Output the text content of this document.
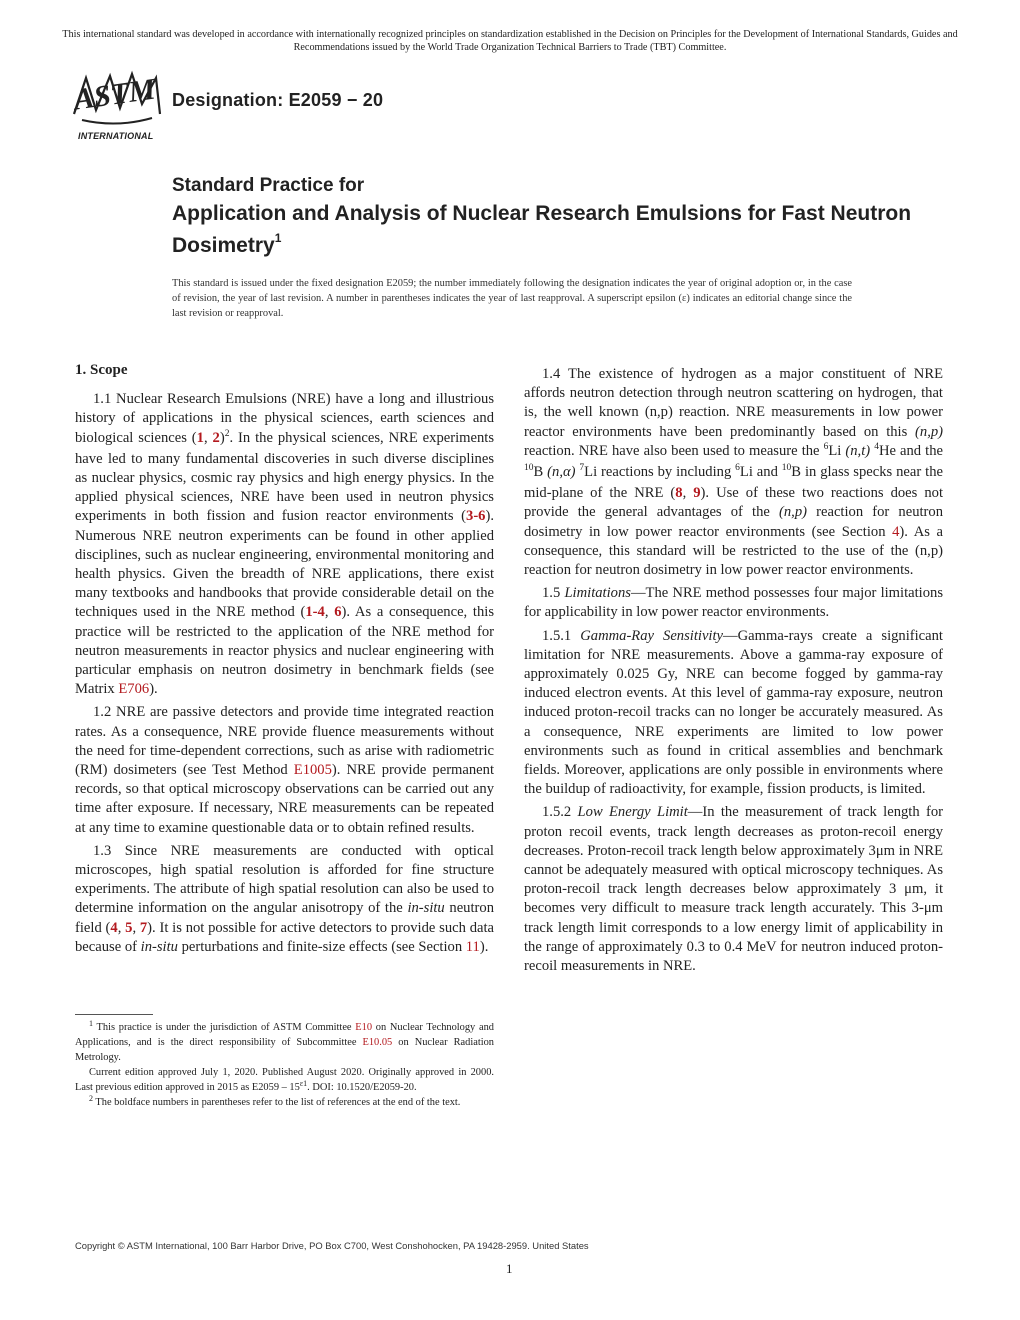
This international standard was developed in accordance with internationally recognized principles on standardization established in the Decision on Principles for the Development of International Standards, Guides and Recommendations issued by the World Trade Organization Technical Barriers to Trade (TBT) Committee.
ASTM
INTERNATIONAL
Designation: E2059 − 20
Standard Practice for
Application and Analysis of Nuclear Research Emulsions for Fast Neutron Dosimetry$^1$
This standard is issued under the fixed designation E2059; the number immediately following the designation indicates the year of original adoption or, in the case of revision, the year of last revision. A number in parentheses indicates the year of last reapproval. A superscript epsilon (ε) indicates an editorial change since the last revision or reapproval.

1. Scope

1.1 Nuclear Research Emulsions (NRE) have a long and illustrious history of applications in the physical sciences, earth sciences and biological sciences (1, 2)$^2$. In the physical sciences, NRE experiments have led to many fundamental discoveries in such diverse disciplines as nuclear physics, cosmic ray physics and high energy physics. In the applied physical sciences, NRE have been used in neutron physics experiments in both fission and fusion reactor environments (3-6). Numerous NRE neutron experiments can be found in other applied disciplines, such as nuclear engineering, environmental monitoring and health physics. Given the breadth of NRE applications, there exist many textbooks and handbooks that provide considerable detail on the techniques used in the NRE method (1-4, 6). As a consequence, this practice will be restricted to the application of the NRE method for neutron measurements in reactor physics and nuclear engineering with particular emphasis on neutron dosimetry in benchmark fields (see Matrix E706).

1.2 NRE are passive detectors and provide time integrated reaction rates. As a consequence, NRE provide fluence measurements without the need for time-dependent corrections, such as arise with radiometric (RM) dosimeters (see Test Method E1005). NRE provide permanent records, so that optical microscopy observations can be carried out any time after exposure. If necessary, NRE measurements can be repeated at any time to examine questionable data or to obtain refined results.

1.3 Since NRE measurements are conducted with optical microscopes, high spatial resolution is afforded for fine structure experiments. The attribute of high spatial resolution can also be used to determine information on the angular anisotropy of the in-situ neutron field (4, 5, 7). It is not possible for active detectors to provide such data because of in-situ perturbations and finite-size effects (see Section 11).

$^1$ This practice is under the jurisdiction of ASTM Committee E10 on Nuclear Technology and Applications, and is the direct responsibility of Subcommittee E10.05 on Nuclear Radiation Metrology.

Current edition approved July 1, 2020. Published August 2020. Originally approved in 2000. Last previous edition approved in 2015 as $E2059 - 15^{\varepsilon 1}$. DOI: 10.1520/E2059-20.

$^2$ The boldface numbers in parentheses refer to the list of references at the end of the text.

1.4 The existence of hydrogen as a major constituent of NRE affords neutron detection through neutron scattering on hydrogen, that is, the well known (n,p) reaction. NRE measurements in low power reactor environments have been predominantly based on this (n,p) reaction. NRE have also been used to measure the $^6$Li (n,t) $^4$He and the $^{10}$B (n,α) $^7$Li reactions by including $^6$Li and $^{10}$B in glass specks near the mid-plane of the NRE (8, 9). Use of these two reactions does not provide the general advantages of the (n,p) reaction for neutron dosimetry in low power reactor environments (see Section 4). As a consequence, this standard will be restricted to the use of the (n,p) reaction for neutron dosimetry in low power reactor environments.

1.5 Limitations—The NRE method possesses four major limitations for applicability in low power reactor environments.

1.5.1 Gamma-Ray Sensitivity—Gamma-rays create a significant limitation for NRE measurements. Above a gamma-ray exposure of approximately 0.025 Gy, NRE can become fogged by gamma-ray induced electron events. At this level of gamma-ray exposure, neutron induced proton-recoil tracks can no longer be accurately measured. As a consequence, NRE experiments are limited to low power environments such as found in critical assemblies and benchmark fields. Moreover, applications are only possible in environments where the buildup of radioactivity, for example, fission products, is limited.

1.5.2 Low Energy Limit—In the measurement of track length for proton recoil events, track length decreases as proton-recoil energy decreases. Proton-recoil track length below approximately 3μm in NRE cannot be adequately measured with optical microscopy techniques. As proton-recoil track length decreases below approximately 3 μm, it becomes very difficult to measure track length accurately. This 3-μm track length limit corresponds to a low energy limit of applicability in the range of approximately 0.3 to 0.4 MeV for neutron induced proton-recoil measurements in NRE.

Copyright © ASTM International, 100 Barr Harbor Drive, PO Box C700, West Conshohocken, PA 19428-2959. United States
1
